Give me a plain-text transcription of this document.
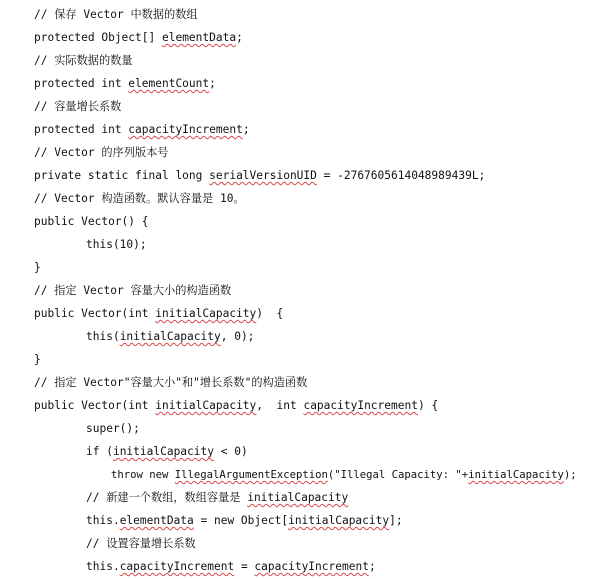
// 保存 Vector 中数据的数组
protected Object[] elementData;
// 实际数据的数量
protected int elementCount;
// 容量增长系数
protected int capacityIncrement;
// Vector 的序列版本号
private static final long serialVersionUID = -2767605614048989439L;
// Vector 构造函数。默认容量是 10。
public Vector() {
this(10);
}
// 指定 Vector 容量大小的构造函数
public Vector(int initialCapacity)  {
this(initialCapacity, 0);
}
// 指定 Vector"容量大小"和"增长系数"的构造函数
public Vector(int initialCapacity,  int capacityIncrement) {
super();
if (initialCapacity < 0)
throw new IllegalArgumentException("Illegal Capacity: "+initialCapacity);
// 新建一个数组，数组容量是 initialCapacity
this.elementData = new Object[initialCapacity];
// 设置容量增长系数
this.capacityIncrement = capacityIncrement;
